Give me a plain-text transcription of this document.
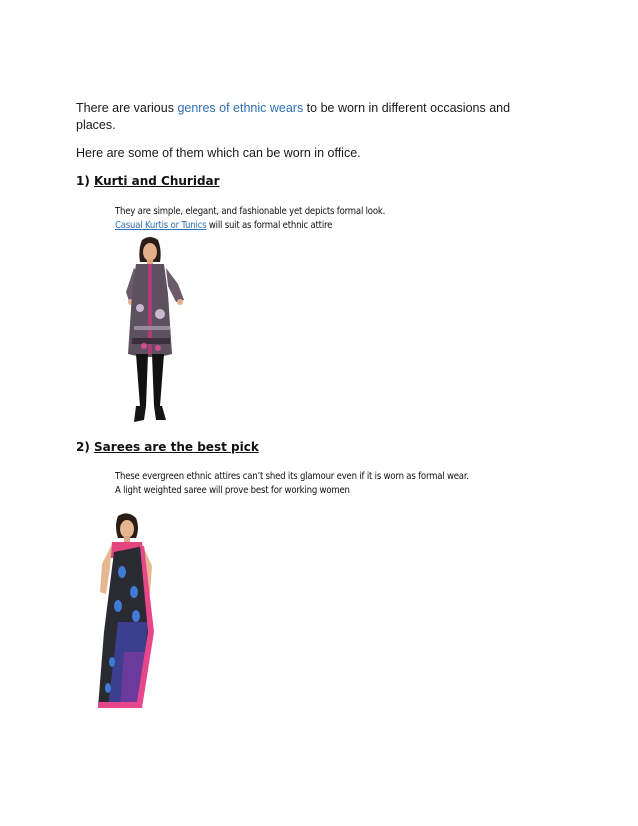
There are various genres of ethnic wears to be worn in different occasions and places.

Here are some of them which can be worn in office.

1) Kurti and Churidar

They are simple, elegant, and fashionable yet depicts formal look.
Casual Kurtis or Tunics will suit as formal ethnic attire

2) Sarees are the best pick

These evergreen ethnic attires can’t shed its glamour even if it is worn as formal wear.
A light weighted saree will prove best for working women
